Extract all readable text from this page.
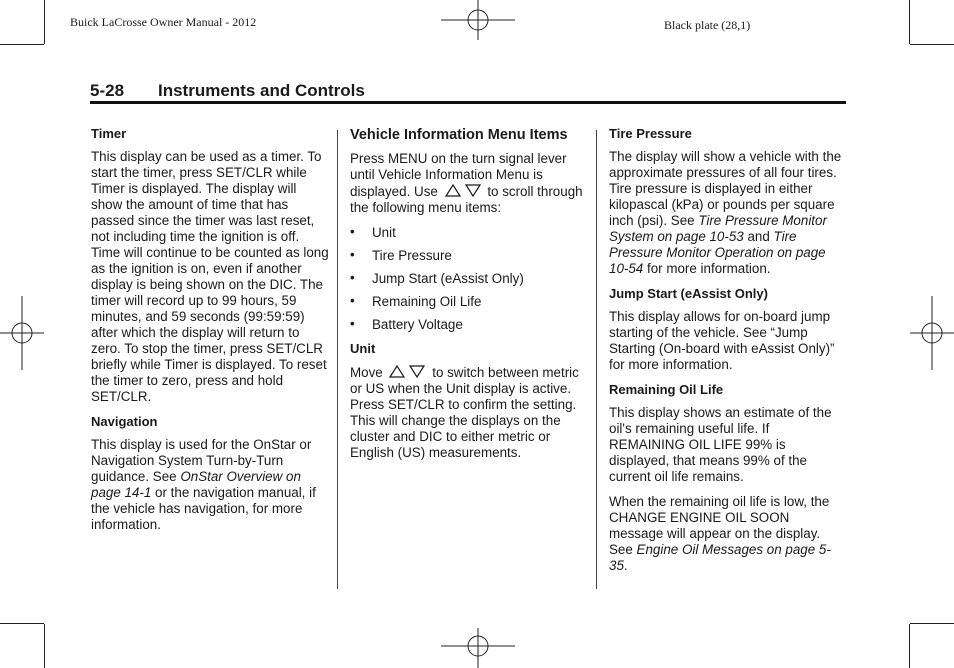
Buick LaCrosse Owner Manual - 2012	Black plate (28,1)
5-28 Instruments and Controls
Timer

This display can be used as a timer. To start the timer, press SET/CLR while Timer is displayed. The display will show the amount of time that has passed since the timer was last reset, not including time the ignition is off. Time will continue to be counted as long as the ignition is on, even if another display is being shown on the DIC. The timer will record up to 99 hours, 59 minutes, and 59 seconds (99:59:59) after which the display will return to zero. To stop the timer, press SET/CLR briefly while Timer is displayed. To reset the timer to zero, press and hold SET/CLR.

Navigation

This display is used for the OnStar or Navigation System Turn-by-Turn guidance. See OnStar Overview on page 14-1 or the navigation manual, if the vehicle has navigation, for more information.

Vehicle Information Menu Items

Press MENU on the turn signal lever until Vehicle Information Menu is displayed. Use	to scroll through the following menu items:

• Unit
• Tire Pressure
• Jump Start (eAssist Only)
• Remaining Oil Life
• Battery Voltage
Unit

Move	to switch between metric or US when the Unit display is active. Press SET/CLR to confirm the setting. This will change the displays on the cluster and DIC to either metric or English (US) measurements.

Tire Pressure

The display will show a vehicle with the approximate pressures of all four tires. Tire pressure is displayed in either kilopascal (kPa) or pounds per square inch (psi). See Tire Pressure Monitor System on page 10-53 and Tire Pressure Monitor Operation on page 10-54 for more information.

Jump Start (eAssist Only)

This display allows for on-board jump starting of the vehicle. See “Jump Starting (On-board with eAssist Only)” for more information.

Remaining Oil Life

This display shows an estimate of the oil's remaining useful life. If REMAINING OIL LIFE 99% is displayed, that means 99% of the current oil life remains.

When the remaining oil life is low, the CHANGE ENGINE OIL SOON message will appear on the display. See Engine Oil Messages on page 5-35.
